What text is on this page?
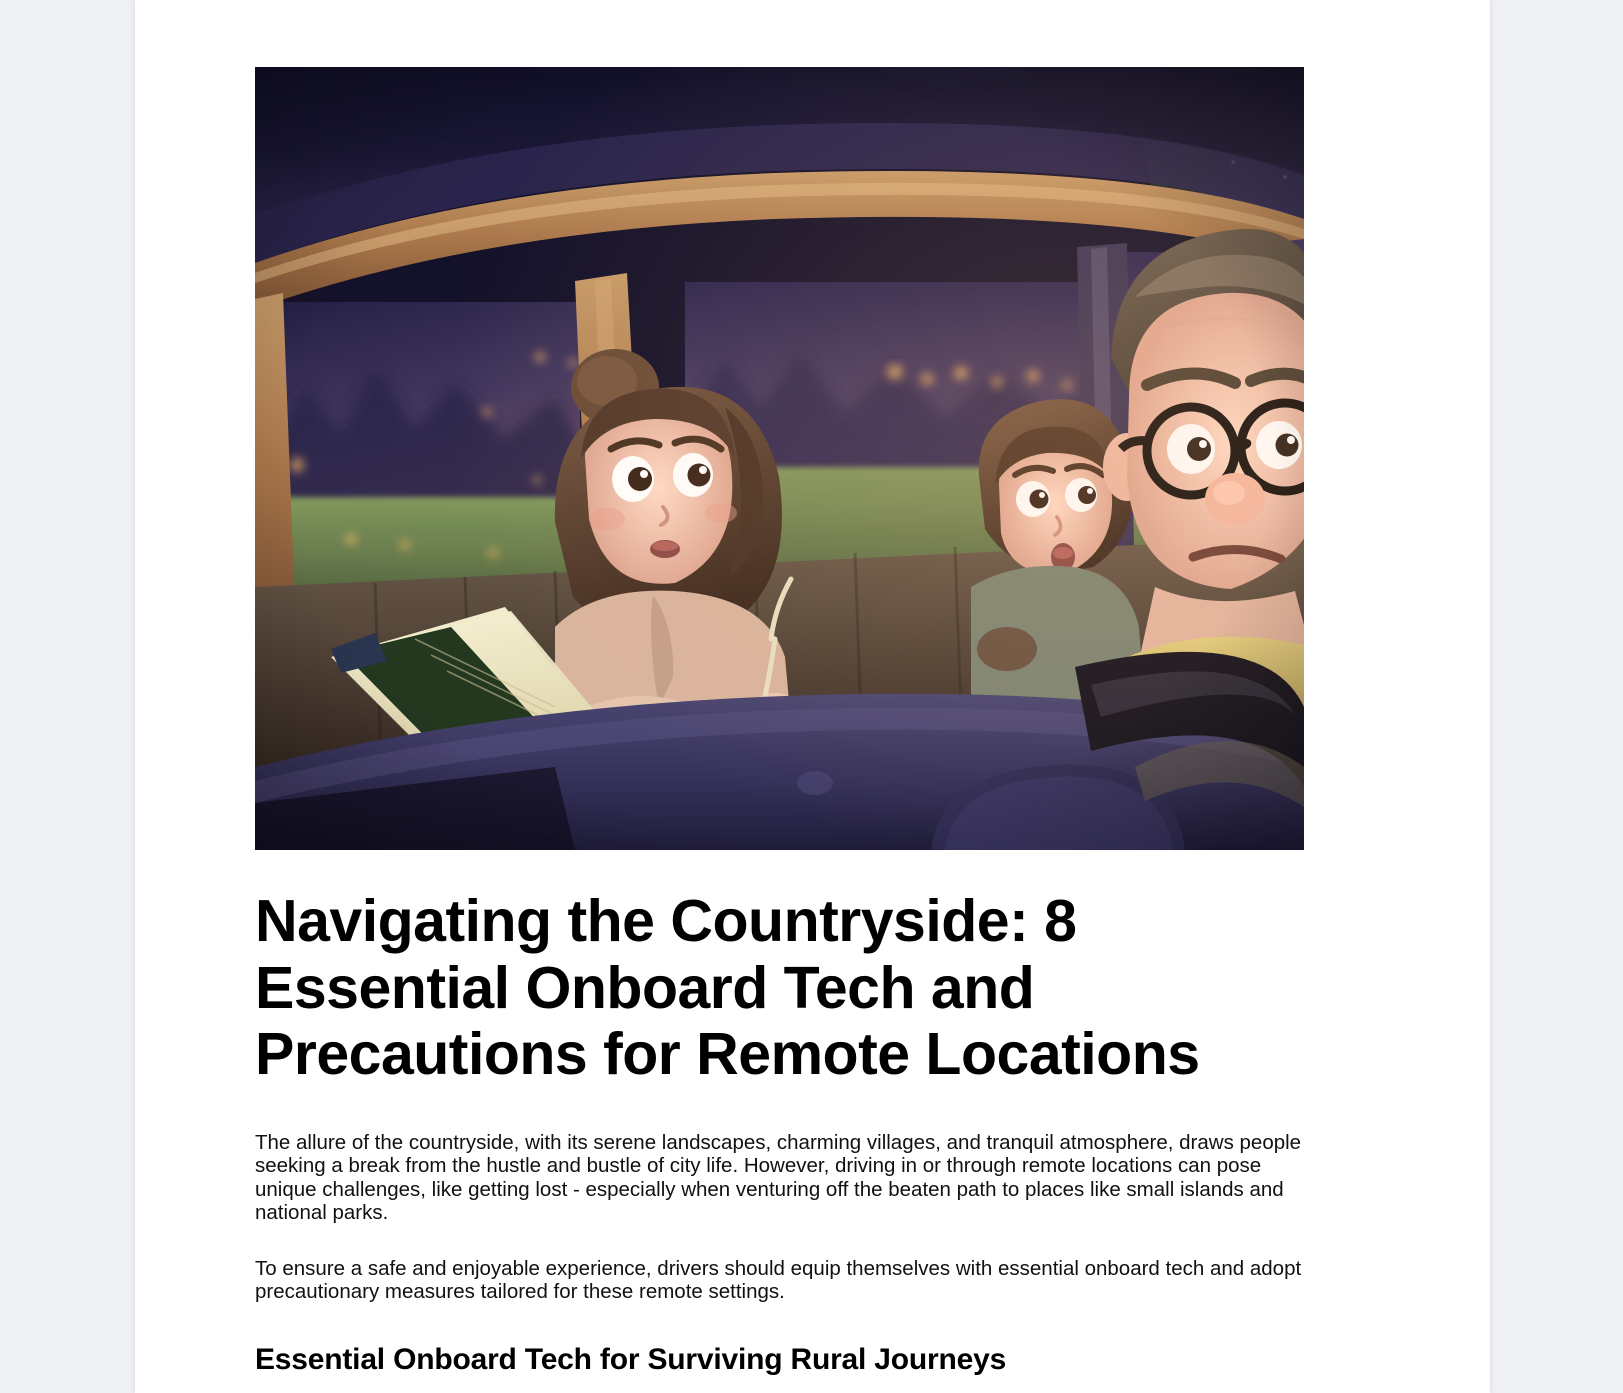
Navigating the Countryside: 8 Essential Onboard Tech and Precautions for Remote Locations

The allure of the countryside, with its serene landscapes, charming villages, and tranquil atmosphere, draws people seeking a break from the hustle and bustle of city life. However, driving in or through remote locations can pose unique challenges, like getting lost - especially when venturing off the beaten path to places like small islands and national parks.

To ensure a safe and enjoyable experience, drivers should equip themselves with essential onboard tech and adopt precautionary measures tailored for these remote settings.

Essential Onboard Tech for Surviving Rural Journeys
